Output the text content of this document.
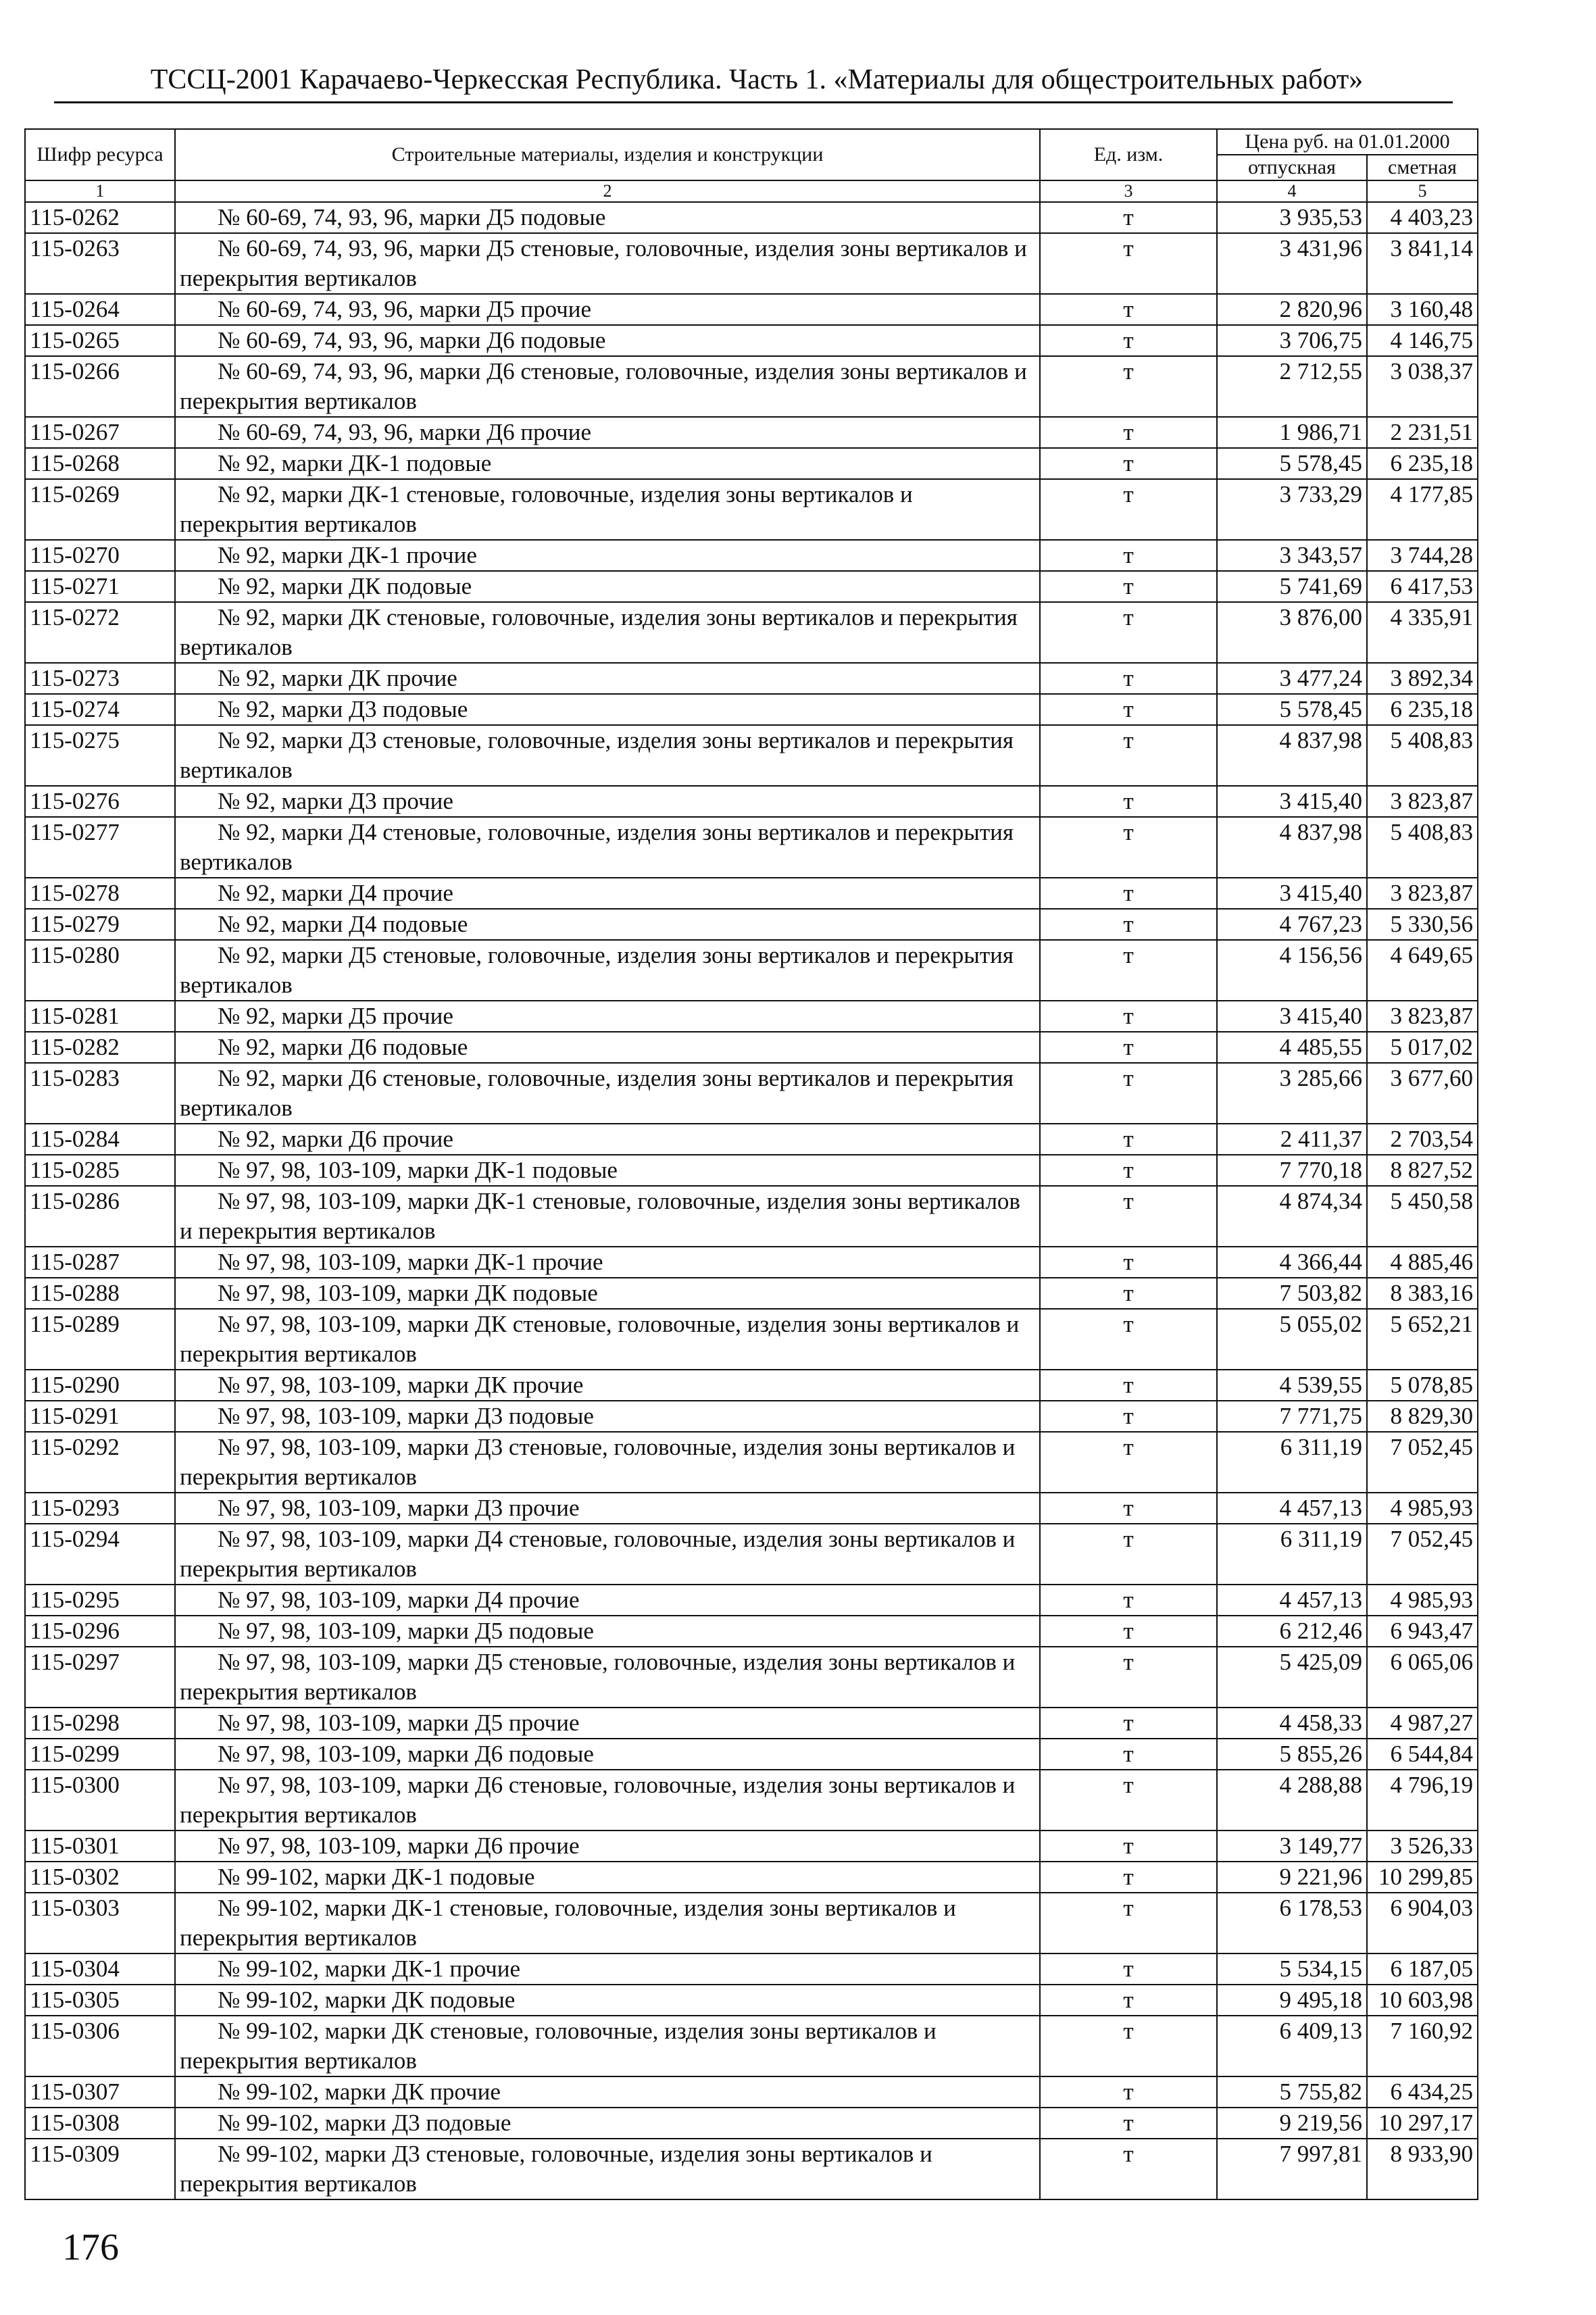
ТССЦ-2001 Карачаево-Черкесская Республика. Часть 1. «Материалы для общестроительных работ»
Шифр ресурса	Строительные материалы, изделия и конструкции	Ед. изм.	Цена руб. на 01.01.2000	
			отпускная	сметная
1	2	3	4	5
115-0262	№ 60-69, 74, 93, 96, марки Д5 подовые	т	3 935,53	4 403,23
115-0263	№ 60-69, 74, 93, 96, марки Д5 стеновые, головочные, изделия зоны вертикалов и перекрытия вертикалов	т	3 431,96	3 841,14
115-0264	№ 60-69, 74, 93, 96, марки Д5 прочие	т	2 820,96	3 160,48
115-0265	№ 60-69, 74, 93, 96, марки Д6 подовые	т	3 706,75	4 146,75
115-0266	№ 60-69, 74, 93, 96, марки Д6 стеновые, головочные, изделия зоны вертикалов и перекрытия вертикалов	т	2 712,55	3 038,37
115-0267	№ 60-69, 74, 93, 96, марки Д6 прочие	т	1 986,71	2 231,51
115-0268	№ 92, марки ДК-1 подовые	т	5 578,45	6 235,18
115-0269	№ 92, марки ДК-1 стеновые, головочные, изделия зоны вертикалов и перекрытия вертикалов	т	3 733,29	4 177,85
115-0270	№ 92, марки ДК-1 прочие	т	3 343,57	3 744,28
115-0271	№ 92, марки ДК подовые	т	5 741,69	6 417,53
115-0272	№ 92, марки ДК стеновые, головочные, изделия зоны вертикалов и перекрытия вертикалов	т	3 876,00	4 335,91
115-0273	№ 92, марки ДК прочие	т	3 477,24	3 892,34
115-0274	№ 92, марки Д3 подовые	т	5 578,45	6 235,18
115-0275	№ 92, марки Д3 стеновые, головочные, изделия зоны вертикалов и перекрытия вертикалов	т	4 837,98	5 408,83
115-0276	№ 92, марки Д3 прочие	т	3 415,40	3 823,87
115-0277	№ 92, марки Д4 стеновые, головочные, изделия зоны вертикалов и перекрытия вертикалов	т	4 837,98	5 408,83
115-0278	№ 92, марки Д4 прочие	т	3 415,40	3 823,87
115-0279	№ 92, марки Д4 подовые	т	4 767,23	5 330,56
115-0280	№ 92, марки Д5 стеновые, головочные, изделия зоны вертикалов и перекрытия вертикалов	т	4 156,56	4 649,65
115-0281	№ 92, марки Д5 прочие	т	3 415,40	3 823,87
115-0282	№ 92, марки Д6 подовые	т	4 485,55	5 017,02
115-0283	№ 92, марки Д6 стеновые, головочные, изделия зоны вертикалов и перекрытия вертикалов	т	3 285,66	3 677,60
115-0284	№ 92, марки Д6 прочие	т	2 411,37	2 703,54
115-0285	№ 97, 98, 103-109, марки ДК-1 подовые	т	7 770,18	8 827,52
115-0286	№ 97, 98, 103-109, марки ДК-1 стеновые, головочные, изделия зоны вертикалов и перекрытия вертикалов	т	4 874,34	5 450,58
115-0287	№ 97, 98, 103-109, марки ДК-1 прочие	т	4 366,44	4 885,46
115-0288	№ 97, 98, 103-109, марки ДК подовые	т	7 503,82	8 383,16
115-0289	№ 97, 98, 103-109, марки ДК стеновые, головочные, изделия зоны вертикалов и перекрытия вертикалов	т	5 055,02	5 652,21
115-0290	№ 97, 98, 103-109, марки ДК прочие	т	4 539,55	5 078,85
115-0291	№ 97, 98, 103-109, марки Д3 подовые	т	7 771,75	8 829,30
115-0292	№ 97, 98, 103-109, марки Д3 стеновые, головочные, изделия зоны вертикалов и перекрытия вертикалов	т	6 311,19	7 052,45
115-0293	№ 97, 98, 103-109, марки Д3 прочие	т	4 457,13	4 985,93
115-0294	№ 97, 98, 103-109, марки Д4 стеновые, головочные, изделия зоны вертикалов и перекрытия вертикалов	т	6 311,19	7 052,45
115-0295	№ 97, 98, 103-109, марки Д4 прочие	т	4 457,13	4 985,93
115-0296	№ 97, 98, 103-109, марки Д5 подовые	т	6 212,46	6 943,47
115-0297	№ 97, 98, 103-109, марки Д5 стеновые, головочные, изделия зоны вертикалов и перекрытия вертикалов	т	5 425,09	6 065,06
115-0298	№ 97, 98, 103-109, марки Д5 прочие	т	4 458,33	4 987,27
115-0299	№ 97, 98, 103-109, марки Д6 подовые	т	5 855,26	6 544,84
115-0300	№ 97, 98, 103-109, марки Д6 стеновые, головочные, изделия зоны вертикалов и перекрытия вертикалов	т	4 288,88	4 796,19
115-0301	№ 97, 98, 103-109, марки Д6 прочие	т	3 149,77	3 526,33
115-0302	№ 99-102, марки ДК-1 подовые	т	9 221,96	10 299,85
115-0303	№ 99-102, марки ДК-1 стеновые, головочные, изделия зоны вертикалов и перекрытия вертикалов	т	6 178,53	6 904,03
115-0304	№ 99-102, марки ДК-1 прочие	т	5 534,15	6 187,05
115-0305	№ 99-102, марки ДК подовые	т	9 495,18	10 603,98
115-0306	№ 99-102, марки ДК стеновые, головочные, изделия зоны вертикалов и перекрытия вертикалов	т	6 409,13	7 160,92
115-0307	№ 99-102, марки ДК прочие	т	5 755,82	6 434,25
115-0308	№ 99-102, марки Д3 подовые	т	9 219,56	10 297,17
115-0309	№ 99-102, марки Д3 стеновые, головочные, изделия зоны вертикалов и перекрытия вертикалов	т	7 997,81	8 933,90
176
